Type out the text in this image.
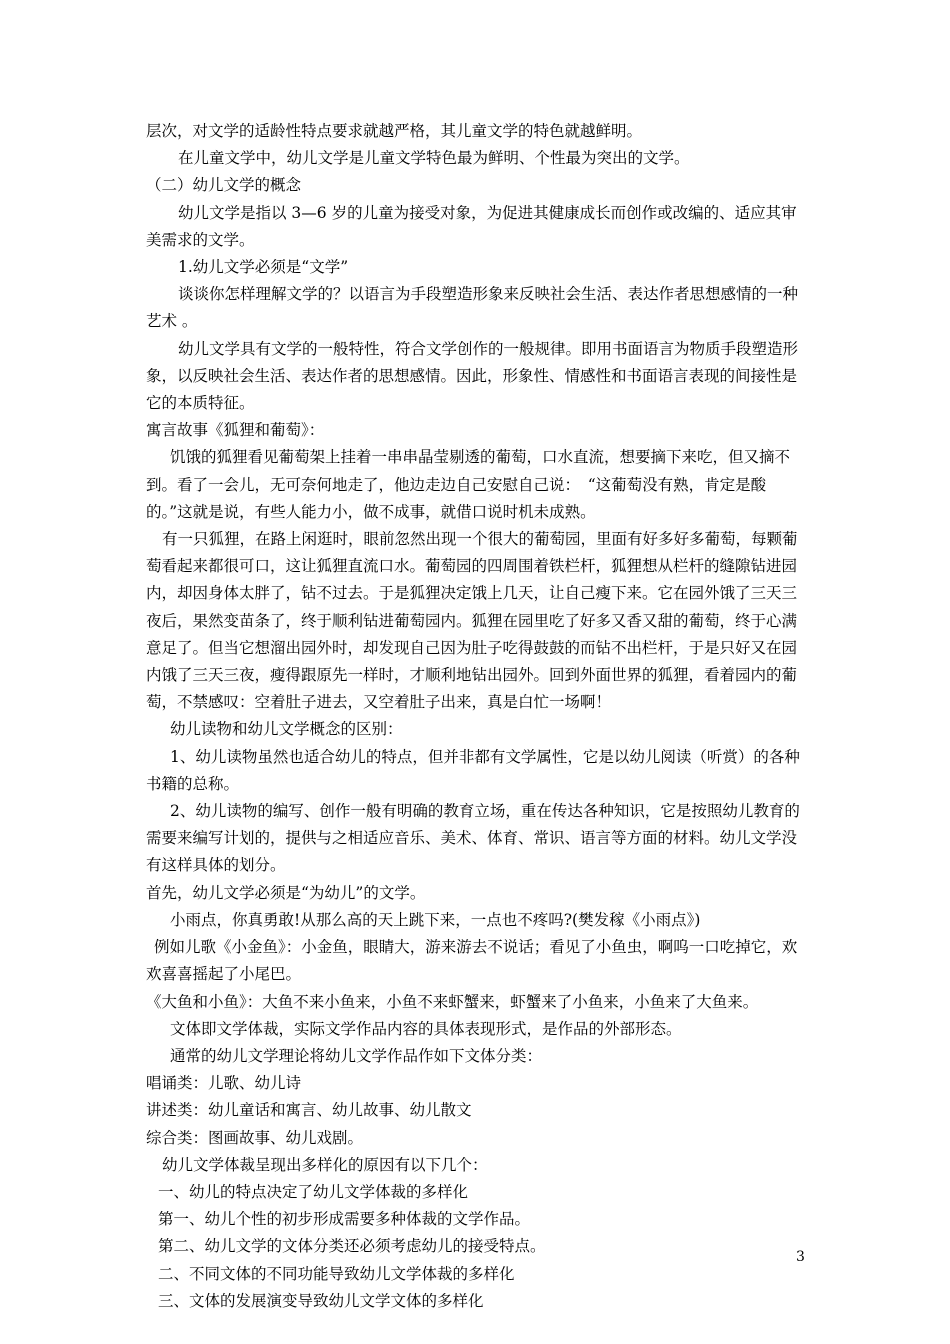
层次，对文学的适龄性特点要求就越严格，其儿童文学的特色就越鲜明。

在儿童文学中，幼儿文学是儿童文学特色最为鲜明、个性最为突出的文学。

（二）幼儿文学的概念

幼儿文学是指以 3—6 岁的儿童为接受对象，为促进其健康成长而创作或改编的、适应其审美需求的文学。

1.幼儿文学必须是“文学”

谈谈你怎样理解文学的？以语言为手段塑造形象来反映社会生活、表达作者思想感情的一种艺术 。

幼儿文学具有文学的一般特性，符合文学创作的一般规律。即用书面语言为物质手段塑造形象，以反映社会生活、表达作者的思想感情。因此，形象性、情感性和书面语言表现的间接性是它的本质特征。

寓言故事《狐狸和葡萄》：

饥饿的狐狸看见葡萄架上挂着一串串晶莹剔透的葡萄，口水直流，想要摘下来吃，但又摘不到。看了一会儿，无可奈何地走了，他边走边自己安慰自己说：　“这葡萄没有熟，肯定是酸的。”这就是说，有些人能力小，做不成事，就借口说时机未成熟。

有一只狐狸，在路上闲逛时，眼前忽然出现一个很大的葡萄园，里面有好多好多葡萄，每颗葡萄看起来都很可口，这让狐狸直流口水。葡萄园的四周围着铁栏杆，狐狸想从栏杆的缝隙钻进园内，却因身体太胖了，钻不过去。于是狐狸决定饿上几天，让自己瘦下来。它在园外饿了三天三夜后，果然变苗条了，终于顺利钻进葡萄园内。狐狸在园里吃了好多又香又甜的葡萄，终于心满意足了。但当它想溜出园外时，却发现自己因为肚子吃得鼓鼓的而钻不出栏杆，于是只好又在园内饿了三天三夜，瘦得跟原先一样时，才顺利地钻出园外。回到外面世界的狐狸，看着园内的葡萄，不禁感叹：空着肚子进去，又空着肚子出来，真是白忙一场啊！

幼儿读物和幼儿文学概念的区别：

1、幼儿读物虽然也适合幼儿的特点，但并非都有文学属性，它是以幼儿阅读（听赏）的各种书籍的总称。

2、幼儿读物的编写、创作一般有明确的教育立场，重在传达各种知识，它是按照幼儿教育的需要来编写计划的，提供与之相适应音乐、美术、体育、常识、语言等方面的材料。幼儿文学没有这样具体的划分。

首先，幼儿文学必须是“为幼儿”的文学。

小雨点，你真勇敢!从那么高的天上跳下来，一点也不疼吗?(樊发稼《小雨点》)

例如儿歌《小金鱼》：小金鱼，眼睛大，游来游去不说话；看见了小鱼虫，啊呜一口吃掉它，欢欢喜喜摇起了小尾巴。

《大鱼和小鱼》：大鱼不来小鱼来，小鱼不来虾蟹来，虾蟹来了小鱼来，小鱼来了大鱼来。

文体即文学体裁，实际文学作品内容的具体表现形式，是作品的外部形态。

通常的幼儿文学理论将幼儿文学作品作如下文体分类：

唱诵类：儿歌、幼儿诗

讲述类：幼儿童话和寓言、幼儿故事、幼儿散文

综合类：图画故事、幼儿戏剧。

幼儿文学体裁呈现出多样化的原因有以下几个：

一、幼儿的特点决定了幼儿文学体裁的多样化

第一、幼儿个性的初步形成需要多种体裁的文学作品。

第二、幼儿文学的文体分类还必须考虑幼儿的接受特点。

二、不同文体的不同功能导致幼儿文学体裁的多样化

三、文体的发展演变导致幼儿文学文体的多样化

3
